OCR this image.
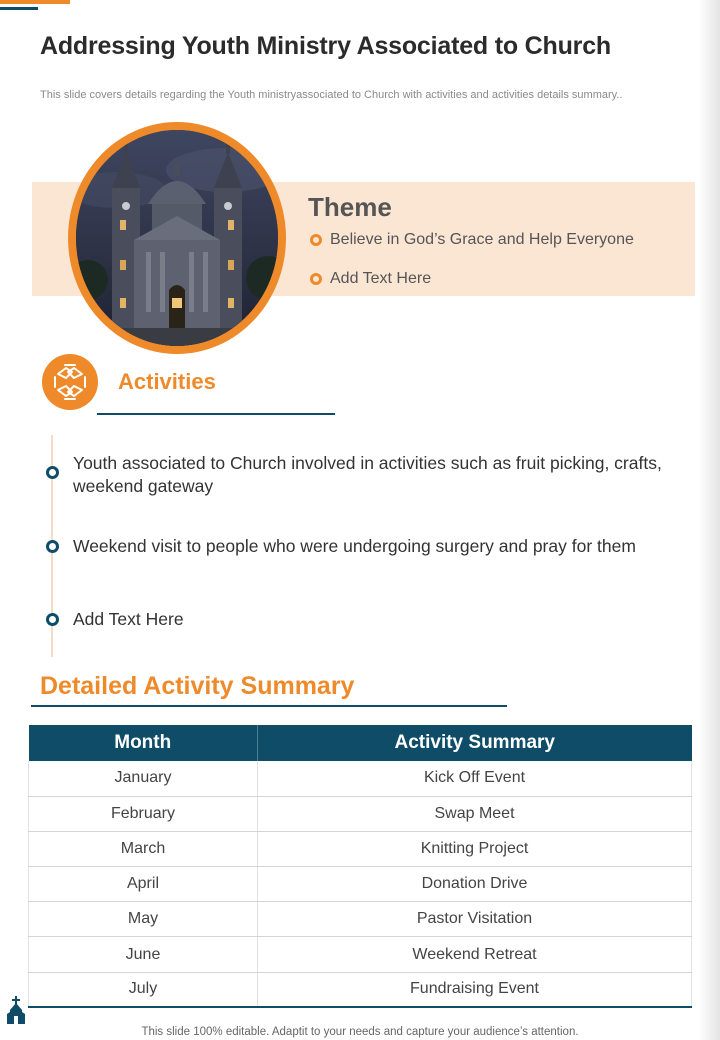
Addressing Youth Ministry Associated to Church

This slide covers details regarding the Youth ministryassociated to Church with activities and activities details summary..

Theme
Believe in God’s Grace and Help Everyone
Add Text Here
Activities
Youth associated to Church involved in activities such as fruit picking, crafts, weekend gateway
Weekend visit to people who were undergoing surgery and pray for them
Add Text Here
Detailed Activity Summary
Month	Activity Summary
January	Kick Off Event
February	Swap Meet
March	Knitting Project
April	Donation Drive
May	Pastor Visitation
June	Weekend Retreat
July	Fundraising Event
This slide 100% editable. Adaptit to your needs and capture your audience’s attention.
